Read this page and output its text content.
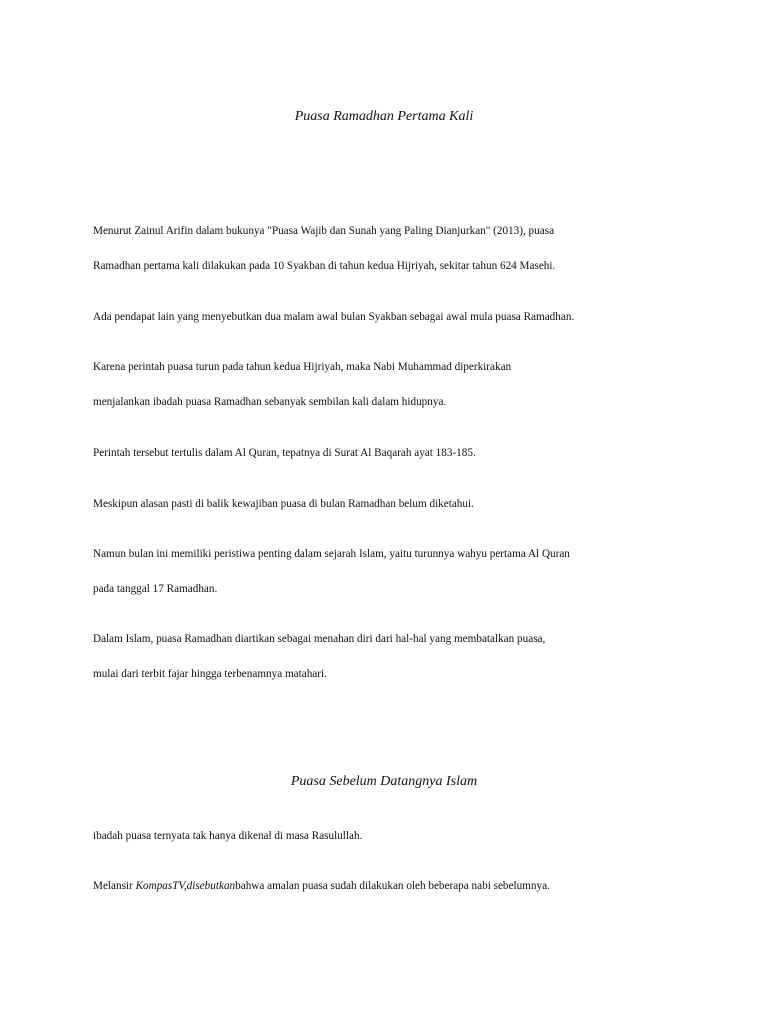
Puasa Ramadhan Pertama Kali
Menurut Zainul Arifin dalam bukunya "Puasa Wajib dan Sunah yang Paling Dianjurkan" (2013), puasa
Ramadhan pertama kali dilakukan pada 10 Syakban di tahun kedua Hijriyah, sekitar tahun 624 Masehi.
Ada pendapat lain yang menyebutkan dua malam awal bulan Syakban sebagai awal mula puasa Ramadhan.
Karena perintah puasa turun pada tahun kedua Hijriyah, maka Nabi Muhammad diperkirakan
menjalankan ibadah puasa Ramadhan sebanyak sembilan kali dalam hidupnya.
Perintah tersebut tertulis dalam Al Quran, tepatnya di Surat Al Baqarah ayat 183-185.
Meskipun alasan pasti di balik kewajiban puasa di bulan Ramadhan belum diketahui.
Namun bulan ini memiliki peristiwa penting dalam sejarah Islam, yaitu turunnya wahyu pertama Al Quran
pada tanggal 17 Ramadhan.
Dalam Islam, puasa Ramadhan diartikan sebagai menahan diri dari hal-hal yang membatalkan puasa,
mulai dari terbit fajar hingga terbenamnya matahari.
Puasa Sebelum Datangnya Islam
ibadah puasa ternyata tak hanya dikenal di masa Rasulullah.
Melansir KompasTV,disebutkanbahwa amalan puasa sudah dilakukan oleh beberapa nabi sebelumnya.
